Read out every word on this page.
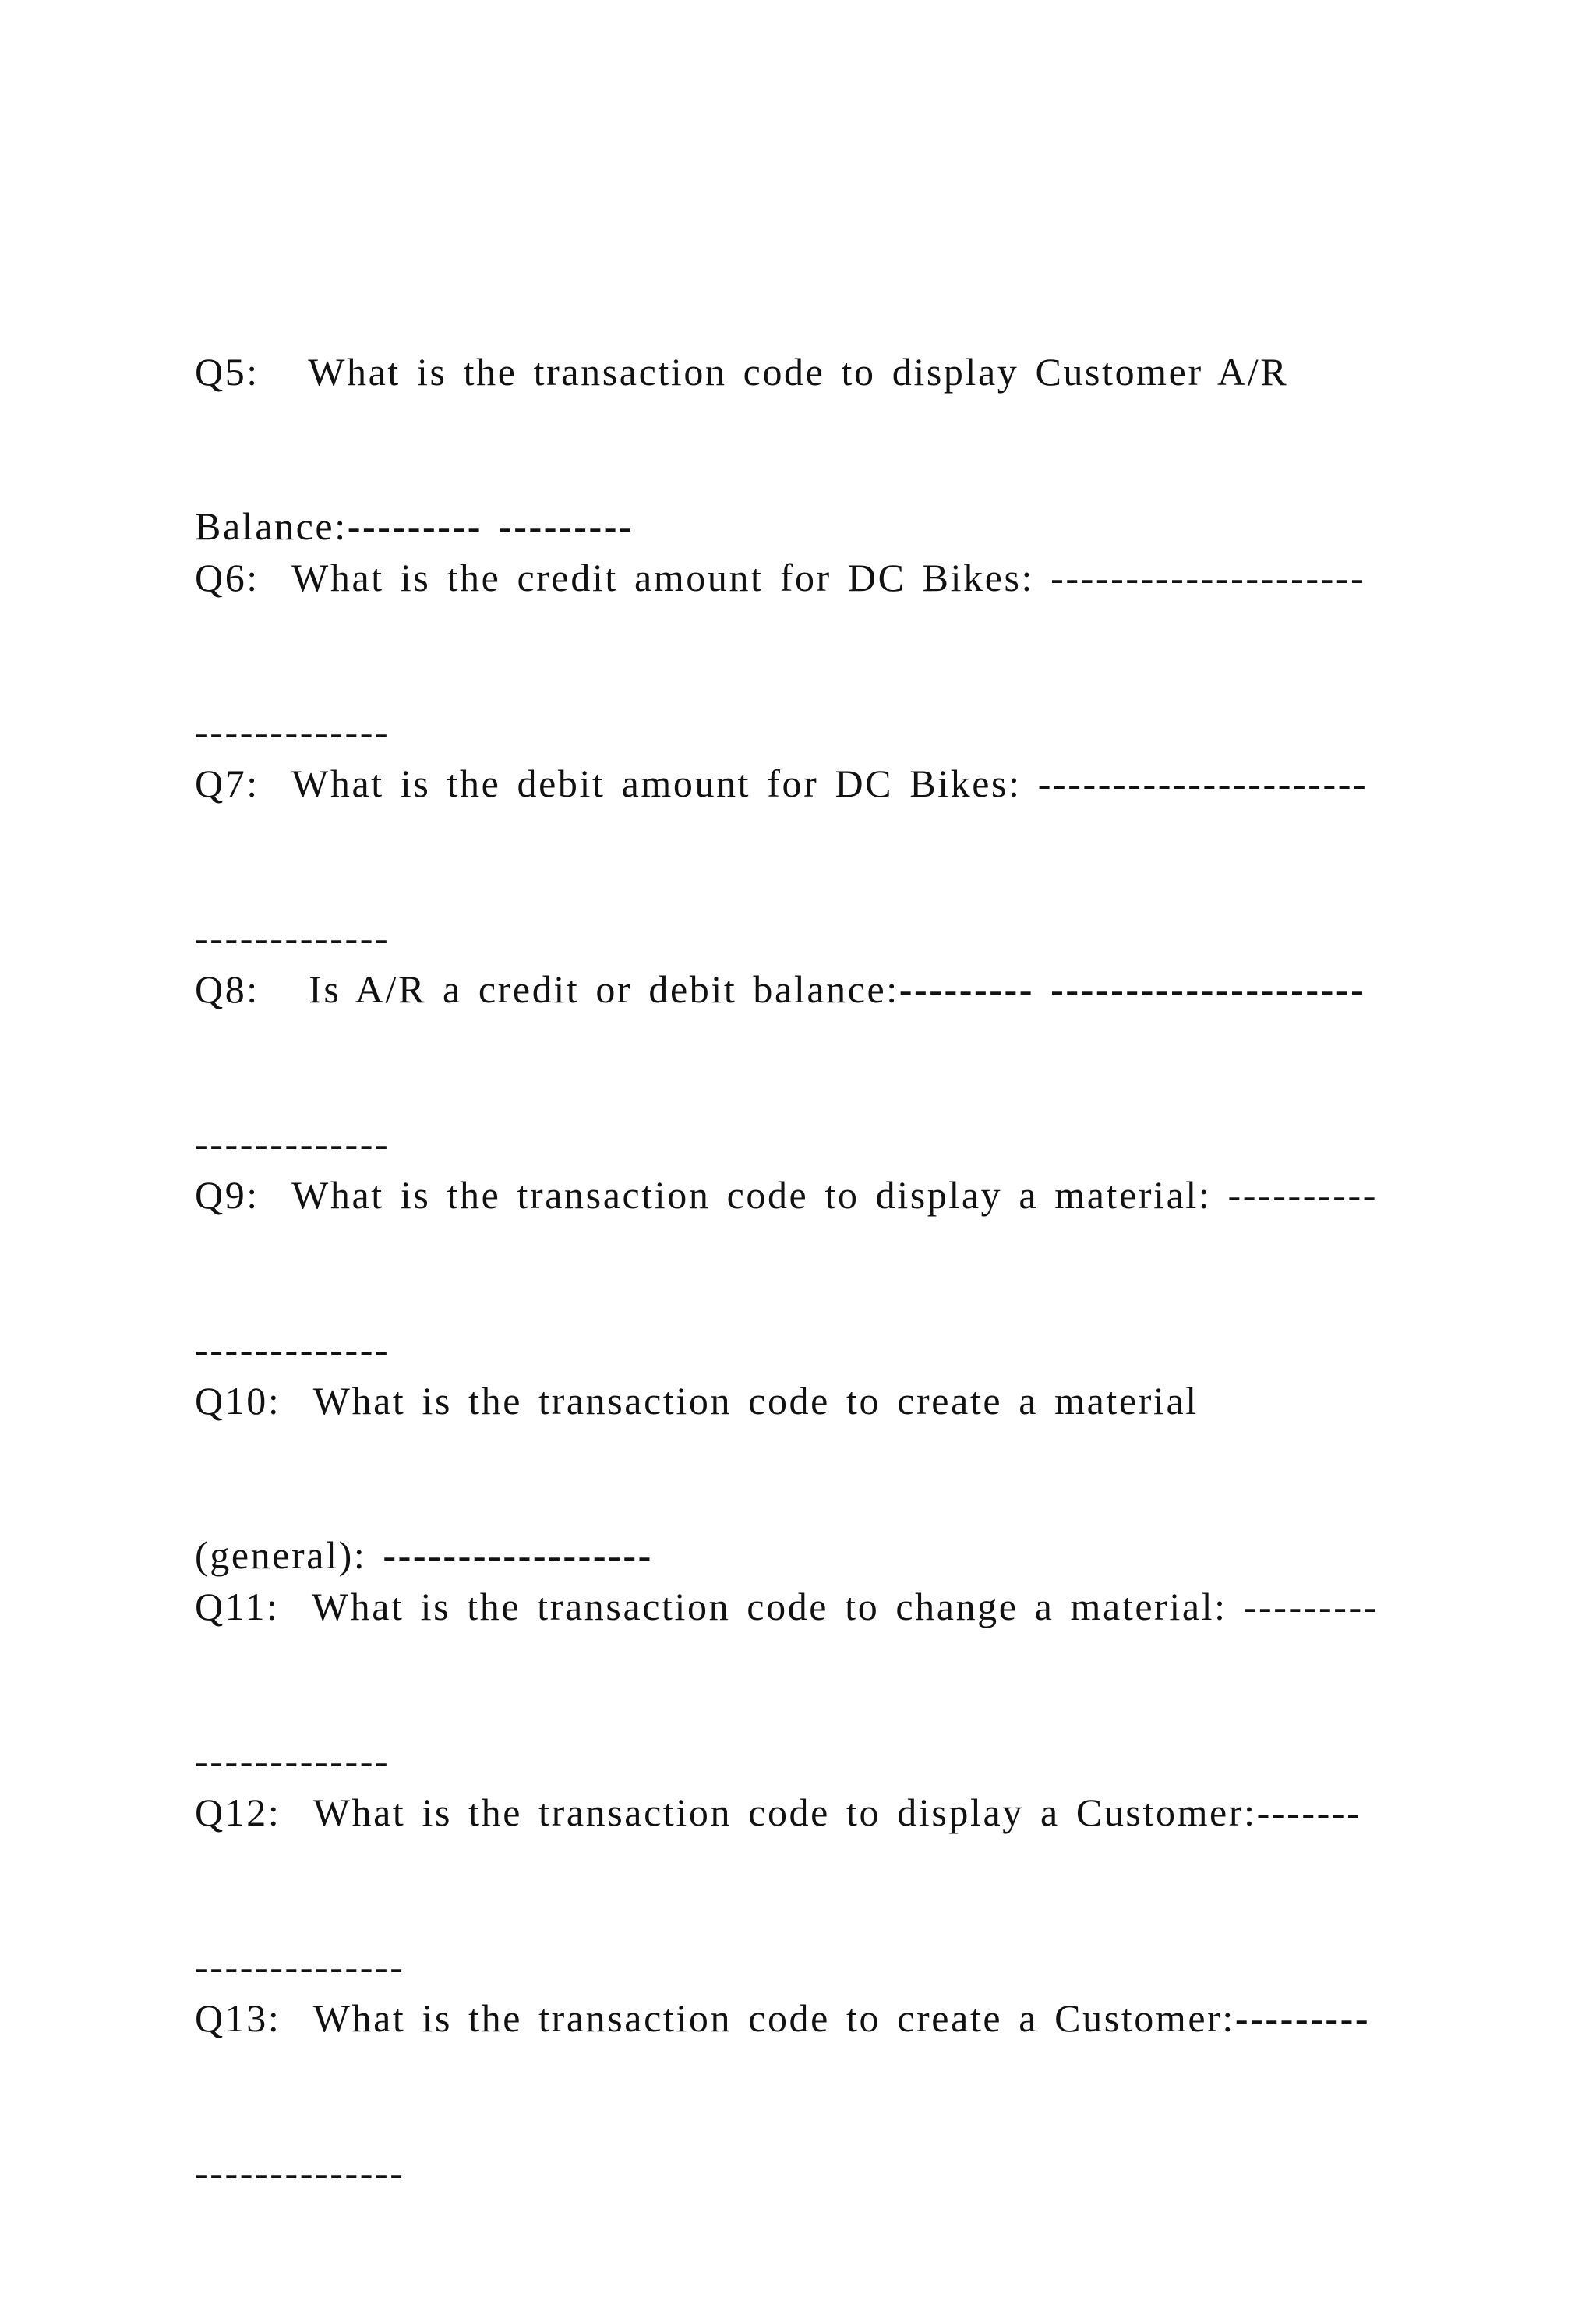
Q5:   What is the transaction code to display Customer A/R

Balance:--------- ---------

Q6:  What is the credit amount for DC Bikes: ---------------------

-------------

Q7:  What is the debit amount for DC Bikes: ----------------------

-------------

Q8:   Is A/R a credit or debit balance:--------- ---------------------

-------------

Q9:  What is the transaction code to display a material: ----------

-------------

Q10:  What is the transaction code to create a material

(general): ------------------

Q11:  What is the transaction code to change a material: ---------

-------------

Q12:  What is the transaction code to display a Customer:-------

--------------

Q13:  What is the transaction code to create a Customer:---------

--------------
